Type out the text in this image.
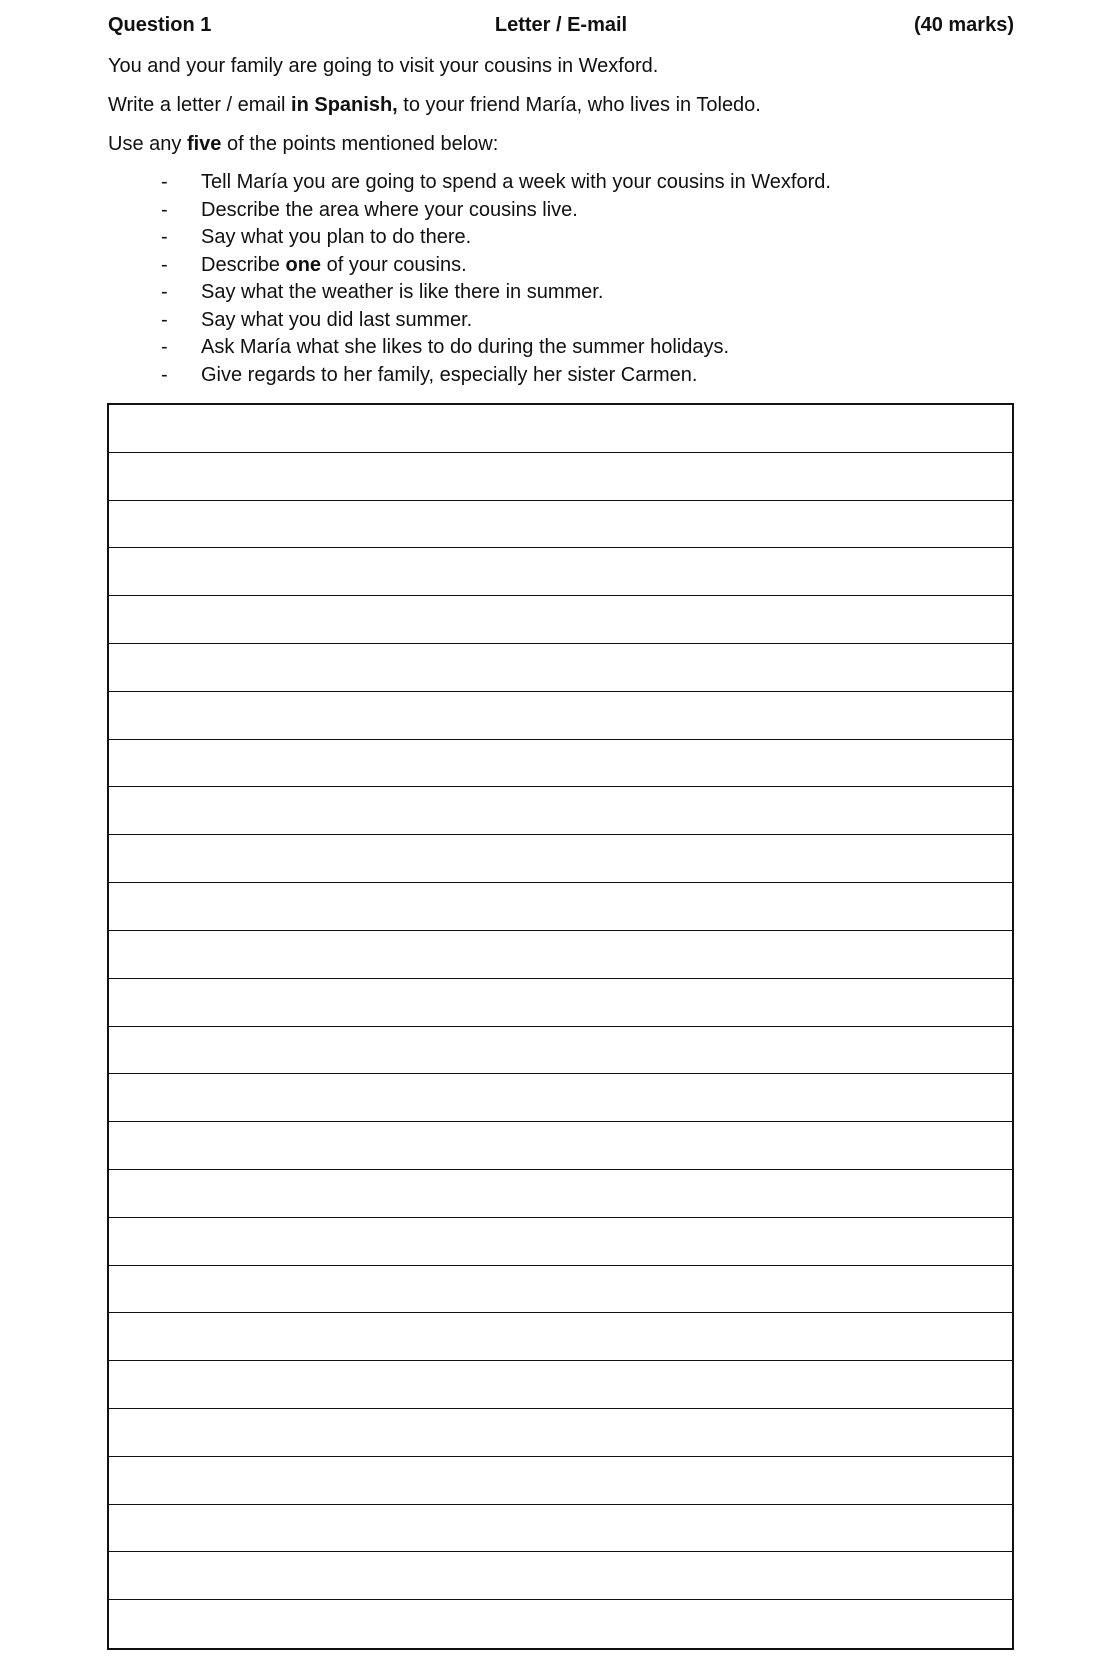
Question 1	Letter / E-mail	(40 marks)
You and your family are going to visit your cousins in Wexford.
Write a letter / email in Spanish, to your friend María, who lives in Toledo.
Use any five of the points mentioned below:
- Tell María you are going to spend a week with your cousins in Wexford.
- Describe the area where your cousins live.
- Say what you plan to do there.
- Describe one of your cousins.
- Say what the weather is like there in summer.
- Say what you did last summer.
- Ask María what she likes to do during the summer holidays.
- Give regards to her family, especially her sister Carmen.
